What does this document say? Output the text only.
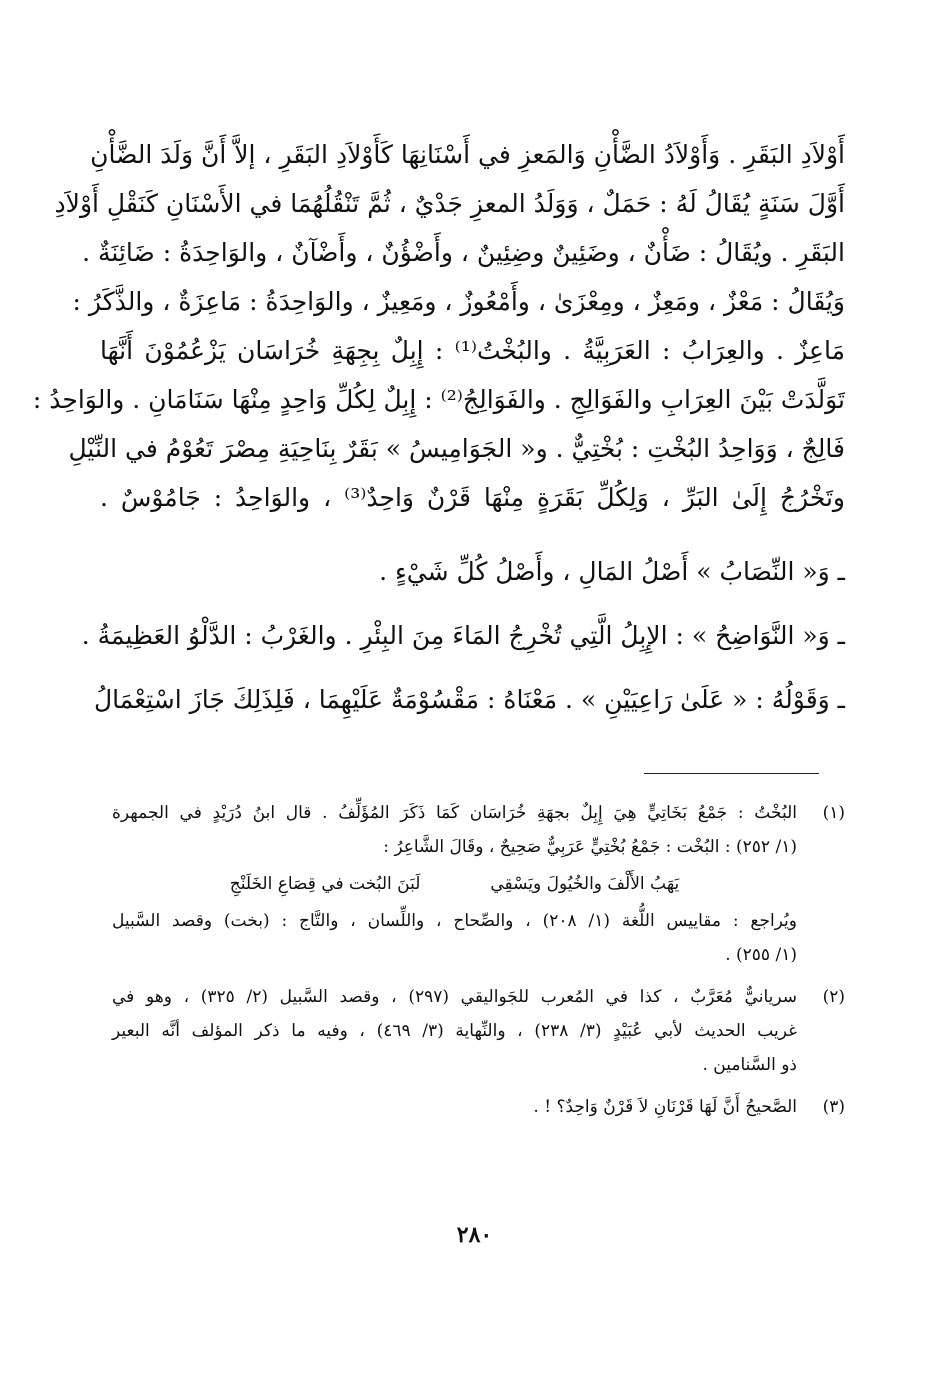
أَوْلاَدِ البَقَرِ . وَأَوْلاَدُ الضَّأْنِ وَالمَعزِ في أَسْنَانِهَا كَأَوْلاَدِ البَقَرِ ، إلاَّ أَنَّ وَلَدَ الضَّأْنِ
أَوَّلَ سَنَةٍ يُقَالُ لَهُ : حَمَلٌ ، وَوَلَدُ المعزِ جَدْيٌ ، ثُمَّ تَنْقُلُهُمَا في الأَسْنَانِ كَنَقْلِ أَوْلاَدِ
البَقَرِ . ويُقَالُ : ضَأْنٌ ، وضَئِينٌ وضِئِينٌ ، وأَضْؤُنٌ ، وأَضْآنٌ ، والوَاحِدَةُ : ضَائِنَةٌ .
وَيُقَالُ : مَعْزٌ ، ومَعِزٌ ، ومِعْزَىٰ ، وأَمْعُوزٌ ، ومَعِيزٌ ، والوَاحِدَةُ : مَاعِزَةٌ ، والذَّكَرُ :
مَاعِزٌ . والعِرَابُ : العَرَبِيَّةُ . والبُخْتُ⁽¹⁾ : إِبِلٌ بِجِهَةِ خُرَاسَان يَزْعُمُوْنَ أَنَّهَا
تَوَلَّدَتْ بَيْنَ العِرَابِ والفَوَالِجِ . والفَوَالِجُ⁽²⁾ : إِبِلٌ لِكُلِّ وَاحِدٍ مِنْهَا سَنَامَانِ . والوَاحِدُ :
فَالِجٌ ، وَوَاحِدُ البُخْتِ : بُخْتِيٌّ . و« الجَوَامِيسُ » بَقَرٌ بِنَاحِيَةِ مِصْرَ تَعُوْمُ في النِّيْلِ
وتَخْرُجُ إِلَىٰ البَرِّ ، وَلِكُلِّ بَقَرَةٍ مِنْهَا قَرْنٌ وَاحِدٌ⁽³⁾ ، والوَاحِدُ : جَامُوْسٌ .
ـ وَ« النِّصَابُ » أَصْلُ المَالِ ، وأَصْلُ كُلِّ شَيْءٍ .
ـ وَ« النَّوَاضِحُ » : الإِبِلُ الَّتِي تُخْرِجُ المَاءَ مِنَ البِئْرِ . والغَرْبُ : الدَّلْوُ العَظِيمَةُ .
ـ وَقَوْلُهُ : « عَلَىٰ رَاعِيَيْنِ » . مَعْنَاهُ : مَقْسُوْمَةٌ عَلَيْهِمَا ، فَلِذَلِكَ جَازَ اسْتِعْمَالُ
(١)
البُخْتُ : جَمْعُ بَخَاتِيٍّ هِيَ إِبِلٌ بجهَةِ خُرَاسَان كَمَا ذَكَرَ المُؤَلِّفُ . قال ابنُ دُرَيْدٍ في الجمهرة
(١/ ٢٥٢) : البُخْت : جَمْعُ بُخْتِيٍّ عَرَبِيٌّ صَحِيحٌ ، وقَالَ الشَّاعِرُ :
يَهَبُ الأَلْفَ والخُيُولَ ويَسْقِي
لَبَنَ البُخت في قِصَاعِ الخَلَنْجِ
ويُراجع : مقاييس اللُّغة (١/ ٢٠٨) ، والصِّحاح ، واللِّسان ، والتَّاج : (بخت) وقصد السَّبيل
(١/ ٢٥٥) .
(٢)
سريانيٌّ مُعَرَّبٌ ، كذا في المُعرب للجَواليقي (٢٩٧) ، وقصد السَّبيل (٢/ ٣٢٥) ، وهو في
غريب الحديث لأبي عُبَيْدٍ (٣/ ٢٣٨) ، والنِّهاية (٣/ ٤٦٩) ، وفيه ما ذكر المؤلف أنَّه البعير
ذو السَّنامين .
(٣)
الصَّحيحُ أَنَّ لَهَا قَرْنَانِ لاَ قَرْنٌ وَاحِدٌ؟ ! .
٢٨٠
